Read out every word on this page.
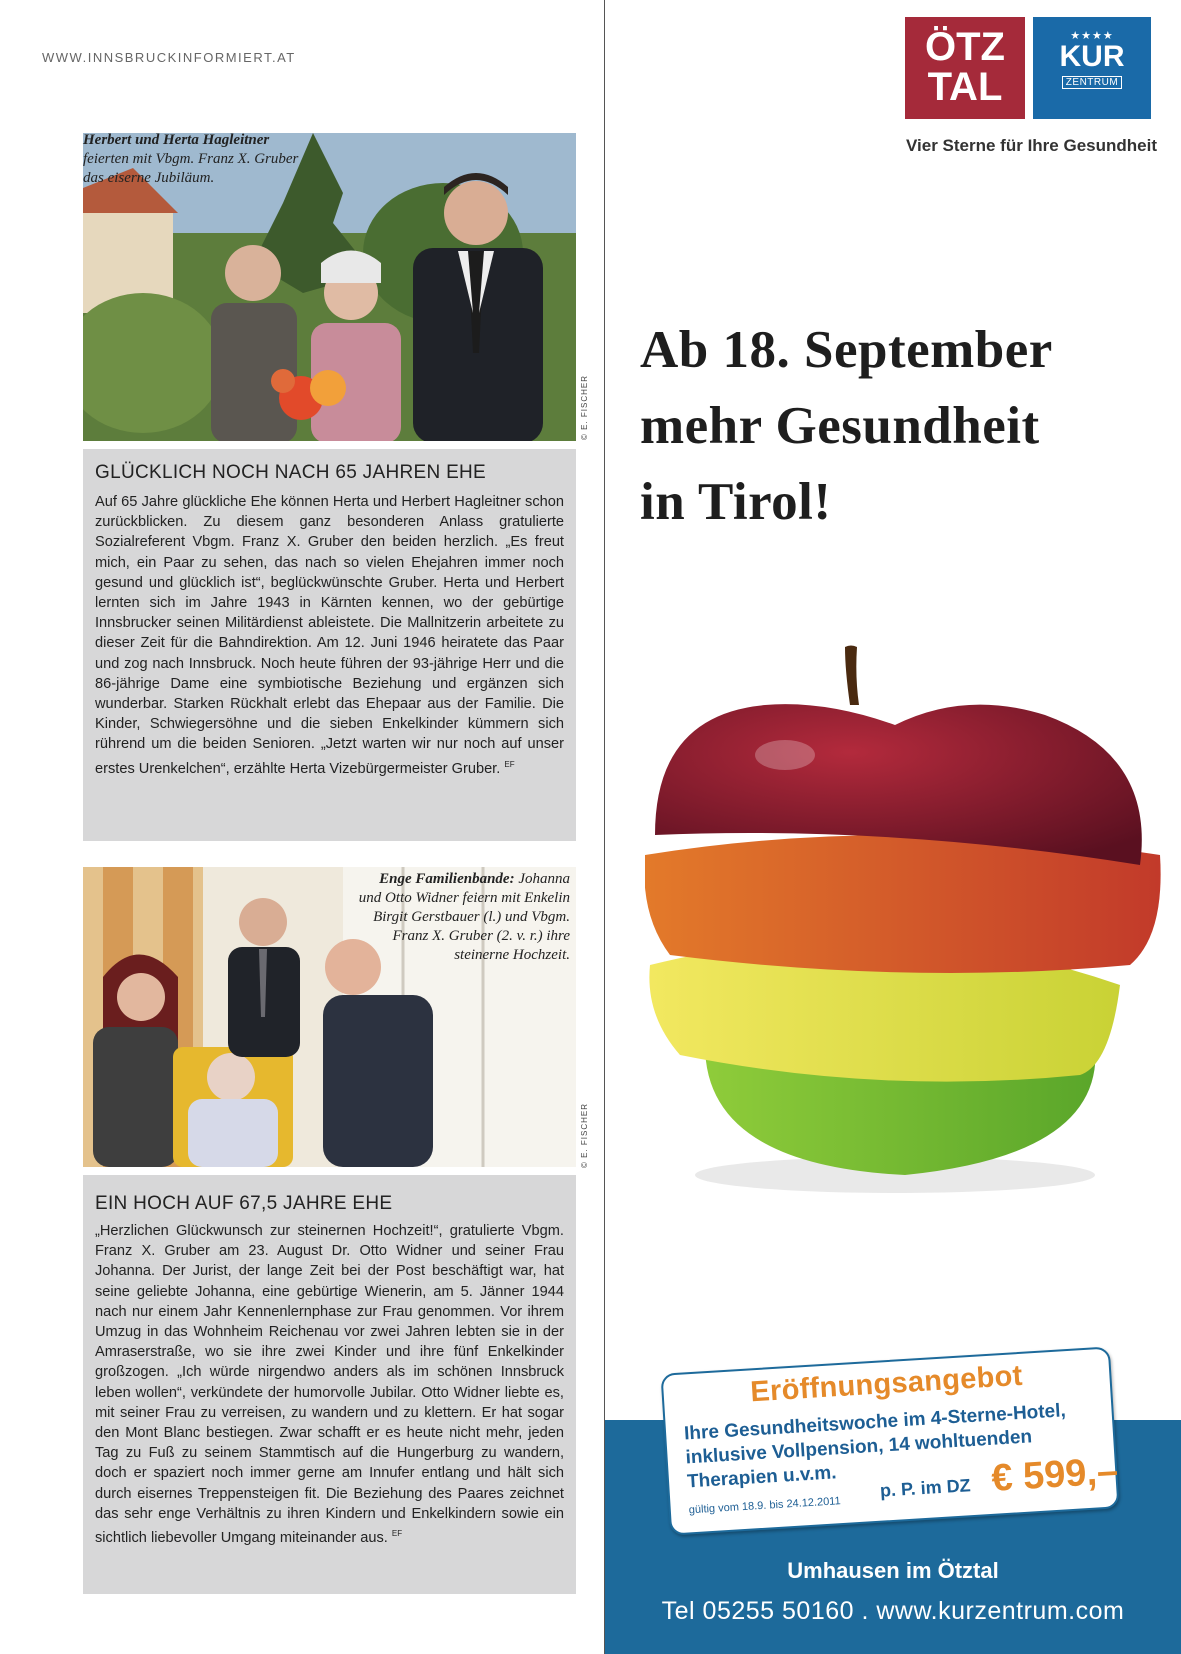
WWW.INNSBRUCKINFORMIERT.AT
Herbert und Herta Hagleitner
feierten mit Vbgm. Franz X. Gruber das eiserne Jubiläum.
© E. FISCHER
GLÜCKLICH NOCH NACH 65 JAHREN EHE
Auf 65 Jahre glückliche Ehe können Herta und Herbert Hagleitner schon zurückblicken. Zu diesem ganz besonderen Anlass gratulierte Sozialreferent Vbgm. Franz X. Gruber den beiden herzlich. „Es freut mich, ein Paar zu sehen, das nach so vielen Ehejahren immer noch gesund und glücklich ist“, beglückwünschte Gruber. Herta und Herbert lernten sich im Jahre 1943 in Kärnten kennen, wo der gebürtige Innsbrucker seinen Militärdienst ableistete. Die Mallnitzerin arbeitete zu dieser Zeit für die Bahndirektion. Am 12. Juni 1946 heiratete das Paar und zog nach Innsbruck. Noch heute führen der 93-jährige Herr und die 86-jährige Dame eine symbiotische Beziehung und ergänzen sich wunderbar. Starken Rückhalt erlebt das Ehepaar aus der Familie. Die Kinder, Schwiegersöhne und die sieben Enkelkinder kümmern sich rührend um die beiden Senioren. „Jetzt warten wir nur noch auf unser erstes Urenkelchen“, erzählte Herta Vizebürgermeister Gruber. $^{EF}$
Enge Familienbande: Johanna und Otto Widner feiern mit Enkelin Birgit Gerstbauer (l.) und Vbgm. Franz X. Gruber (2. v. r.) ihre steinerne Hochzeit.
© E. FISCHER
EIN HOCH AUF 67,5 JAHRE EHE
„Herzlichen Glückwunsch zur steinernen Hochzeit!“, gratulierte Vbgm. Franz X. Gruber am 23. August Dr. Otto Widner und seiner Frau Johanna. Der Jurist, der lange Zeit bei der Post beschäftigt war, hat seine geliebte Johanna, eine gebürtige Wienerin, am 5. Jänner 1944 nach nur einem Jahr Kennenlernphase zur Frau genommen. Vor ihrem Umzug in das Wohnheim Reichenau vor zwei Jahren lebten sie in der Amraserstraße, wo sie ihre zwei Kinder und ihre fünf Enkelkinder großzogen. „Ich würde nirgendwo anders als im schönen Innsbruck leben wollen“, verkündete der humorvolle Jubilar. Otto Widner liebte es, mit seiner Frau zu verreisen, zu wandern und zu klettern. Er hat sogar den Mont Blanc bestiegen. Zwar schafft er es heute nicht mehr, jeden Tag zu Fuß zu seinem Stammtisch auf die Hungerburg zu wandern, doch er spaziert noch immer gerne am Innufer entlang und hält sich durch eisernes Treppensteigen fit. Die Beziehung des Paares zeichnet das sehr enge Verhältnis zu ihren Kindern und Enkelkindern sowie ein sichtlich liebevoller Umgang miteinander aus. $^{EF}$
ÖTZ
TAL
★★★★
KUR
ZENTRUM
Vier Sterne für Ihre Gesundheit
Ab 18. September
mehr Gesundheit
in Tirol!
Eröffnungsangebot
Ihre Gesundheitswoche im 4-Sterne-Hotel, inklusive Vollpension, 14 wohltuenden Therapien u.v.m.
gültig vom 18.9. bis 24.12.2011
p. P. im DZ € 599,–
Umhausen im Ötztal
Tel 05255 50160 . www.kurzentrum.com
